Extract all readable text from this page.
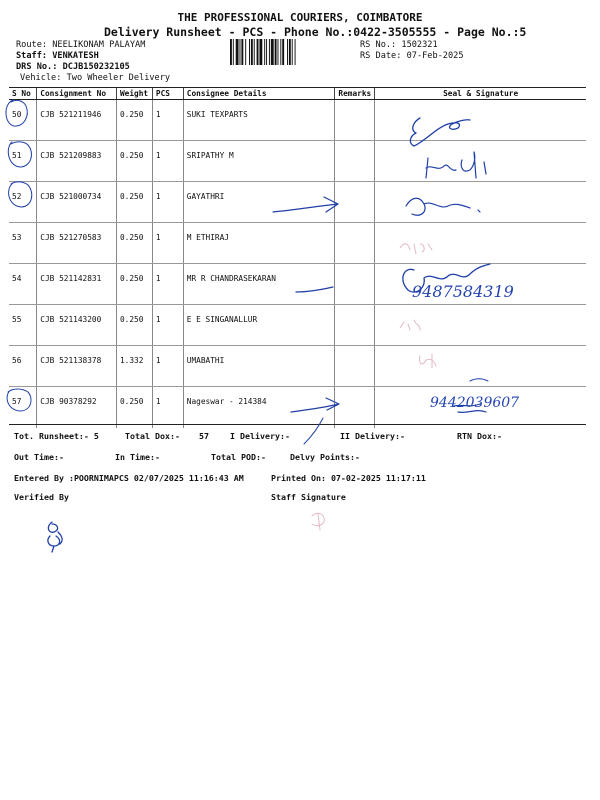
THE PROFESSIONAL COURIERS, COIMBATORE
Delivery Runsheet - PCS - Phone No.:0422-3505555 - Page No.:5
Route: NEELIKONAM PALAYAM
Staff: VENKATESH
DRS No.: DCJB150232105
Vehicle: Two Wheeler Delivery
RS No.: 1502321
RS Date: 07-Feb-2025
S No	Consignment No	Weight	PCS	Consignee Details	Remarks	Seal & Signature
50	CJB 521211946	0.250	1	SUKI TEXPARTS		
51	CJB 521209883	0.250	1	SRIPATHY M		
52	CJB 521000734	0.250	1	GAYATHRI		
53	CJB 521270583	0.250	1	M ETHIRAJ		
54	CJB 521142831	0.250	1	MR R CHANDRASEKARAN		
55	CJB 521143200	0.250	1	E E SINGANALLUR		
56	CJB 521138378	1.332	1	UMABATHI		
57	CJB 90378292	0.250	1	Nageswar - 214384		
Tot. Runsheet:- 5	Total Dox:- 57	I Delivery:-	II Delivery:-	RTN Dox:-
Out Time:-	In Time:-	Total POD:-	Delvy Points:-
Entered By :POORNIMAPCS 02/07/2025 11:16:43 AM	Printed On: 07-02-2025 11:17:11
Verified By	Staff Signature
9487584319
9442039607
